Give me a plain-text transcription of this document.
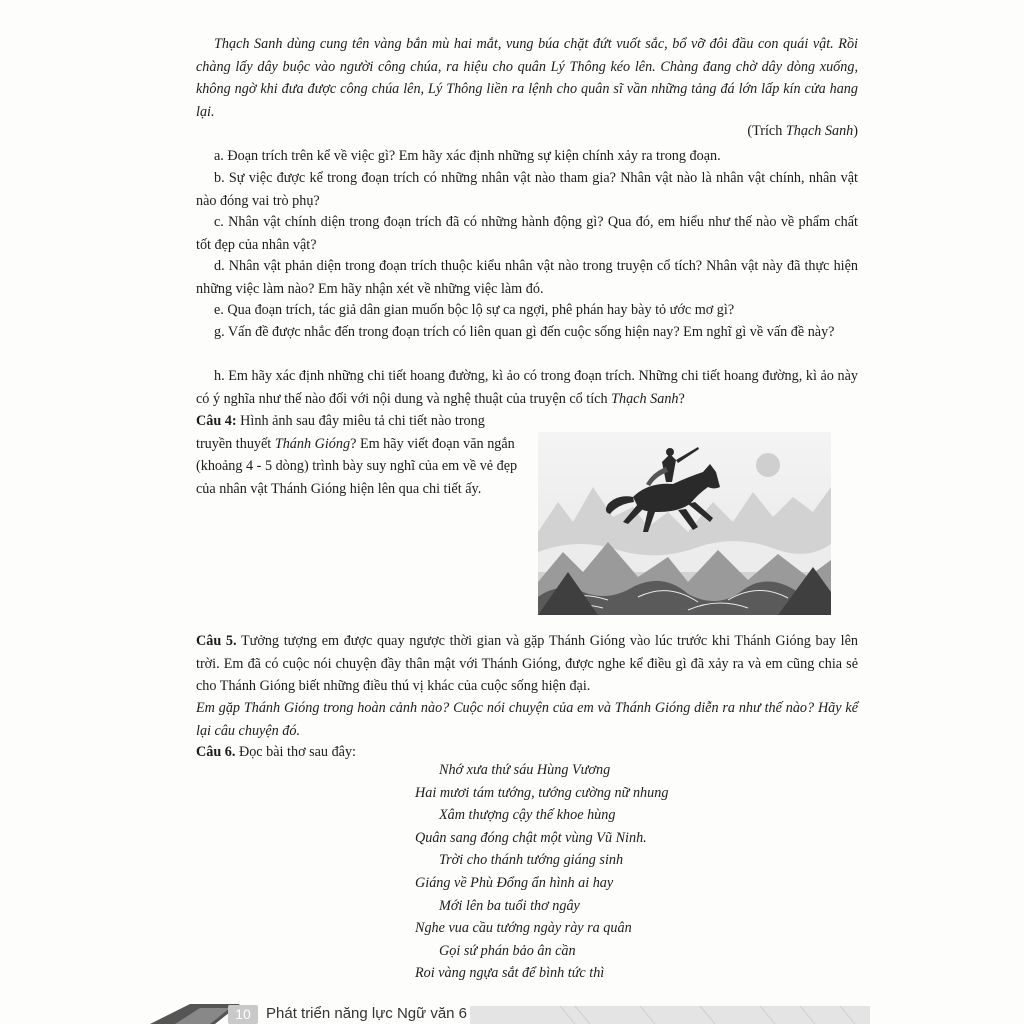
Thạch Sanh dùng cung tên vàng bắn mù hai mắt, vung búa chặt đứt vuốt sắc, bổ vỡ đôi đầu con quái vật. Rồi chàng lấy dây buộc vào người công chúa, ra hiệu cho quân Lý Thông kéo lên. Chàng đang chờ dây dòng xuống, không ngờ khi đưa được công chúa lên, Lý Thông liền ra lệnh cho quân sĩ vần những tảng đá lớn lấp kín cửa hang lại.

(Trích Thạch Sanh)

a. Đoạn trích trên kể về việc gì? Em hãy xác định những sự kiện chính xảy ra trong đoạn.

b. Sự việc được kể trong đoạn trích có những nhân vật nào tham gia? Nhân vật nào là nhân vật chính, nhân vật nào đóng vai trò phụ?

c. Nhân vật chính diện trong đoạn trích đã có những hành động gì? Qua đó, em hiểu như thế nào về phẩm chất tốt đẹp của nhân vật?

d. Nhân vật phản diện trong đoạn trích thuộc kiểu nhân vật nào trong truyện cổ tích? Nhân vật này đã thực hiện những việc làm nào? Em hãy nhận xét về những việc làm đó.

e. Qua đoạn trích, tác giả dân gian muốn bộc lộ sự ca ngợi, phê phán hay bày tỏ ước mơ gì?

g. Vấn đề được nhắc đến trong đoạn trích có liên quan gì đến cuộc sống hiện nay? Em nghĩ gì về vấn đề này?

h. Em hãy xác định những chi tiết hoang đường, kì ảo có trong đoạn trích. Những chi tiết hoang đường, kì ảo này có ý nghĩa như thế nào đối với nội dung và nghệ thuật của truyện cổ tích Thạch Sanh?

Câu 4: Hình ảnh sau đây miêu tả chi tiết nào trong truyền thuyết Thánh Gióng? Em hãy viết đoạn văn ngắn (khoảng 4 - 5 dòng) trình bày suy nghĩ của em về vẻ đẹp của nhân vật Thánh Gióng hiện lên qua chi tiết ấy.

Câu 5. Tưởng tượng em được quay ngược thời gian và gặp Thánh Gióng vào lúc trước khi Thánh Gióng bay lên trời. Em đã có cuộc nói chuyện đầy thân mật với Thánh Gióng, được nghe kể điều gì đã xảy ra và em cũng chia sẻ cho Thánh Gióng biết những điều thú vị khác của cuộc sống hiện đại.

Em gặp Thánh Gióng trong hoàn cảnh nào? Cuộc nói chuyện của em và Thánh Gióng diễn ra như thế nào? Hãy kể lại câu chuyện đó.

Câu 6. Đọc bài thơ sau đây:

Nhớ xưa thứ sáu Hùng Vương
Hai mươi tám tướng, tướng cường nữ nhung
Xâm thượng cậy thế khoe hùng
Quân sang đóng chật một vùng Vũ Ninh.
Trời cho thánh tướng giáng sinh
Giáng về Phù Đổng ẩn hình ai hay
Mới lên ba tuổi thơ ngây
Nghe vua cầu tướng ngày rày ra quân
Gọi sứ phán bảo ân cần
Roi vàng ngựa sắt để bình tức thì
10	Phát triển năng lực Ngữ văn 6
